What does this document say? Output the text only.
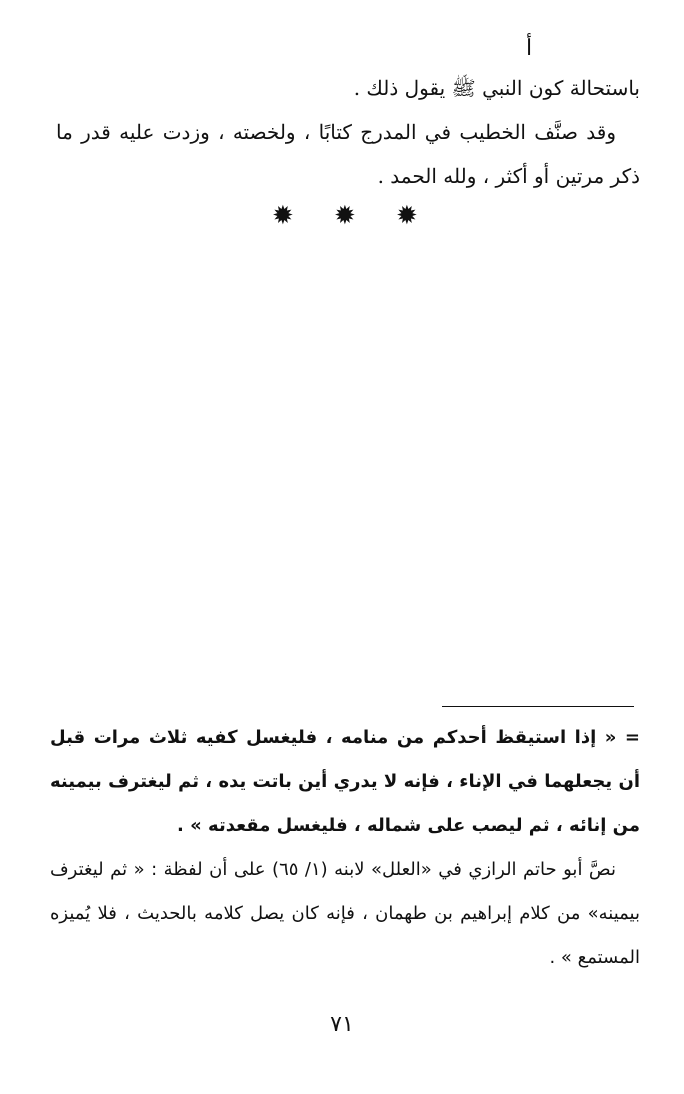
أ

باستحالة كون النبي ﷺ يقول ذلك .

وقد صنَّف الخطيب في المدرج كتابًا ، ولخصته ، وزدت عليه قدر ما ذكر مرتين أو أكثر ، ولله الحمد .

✹ ✹ ✹

= « إذا استيقظ أحدكم من منامه ، فليغسل كفيه ثلاث مرات قبل أن يجعلهما في الإناء ، فإنه لا يدري أين باتت يده ، ثم ليغترف بيمينه من إنائه ، ثم ليصب على شماله ، فليغسل مقعدته » .

نصَّ أبو حاتم الرازي في «العلل» لابنه (١/ ٦٥) على أن لفظة : « ثم ليغترف بيمينه» من كلام إبراهيم بن طهمان ، فإنه كان يصل كلامه بالحديث ، فلا يُميزه المستمع » .

٧١
